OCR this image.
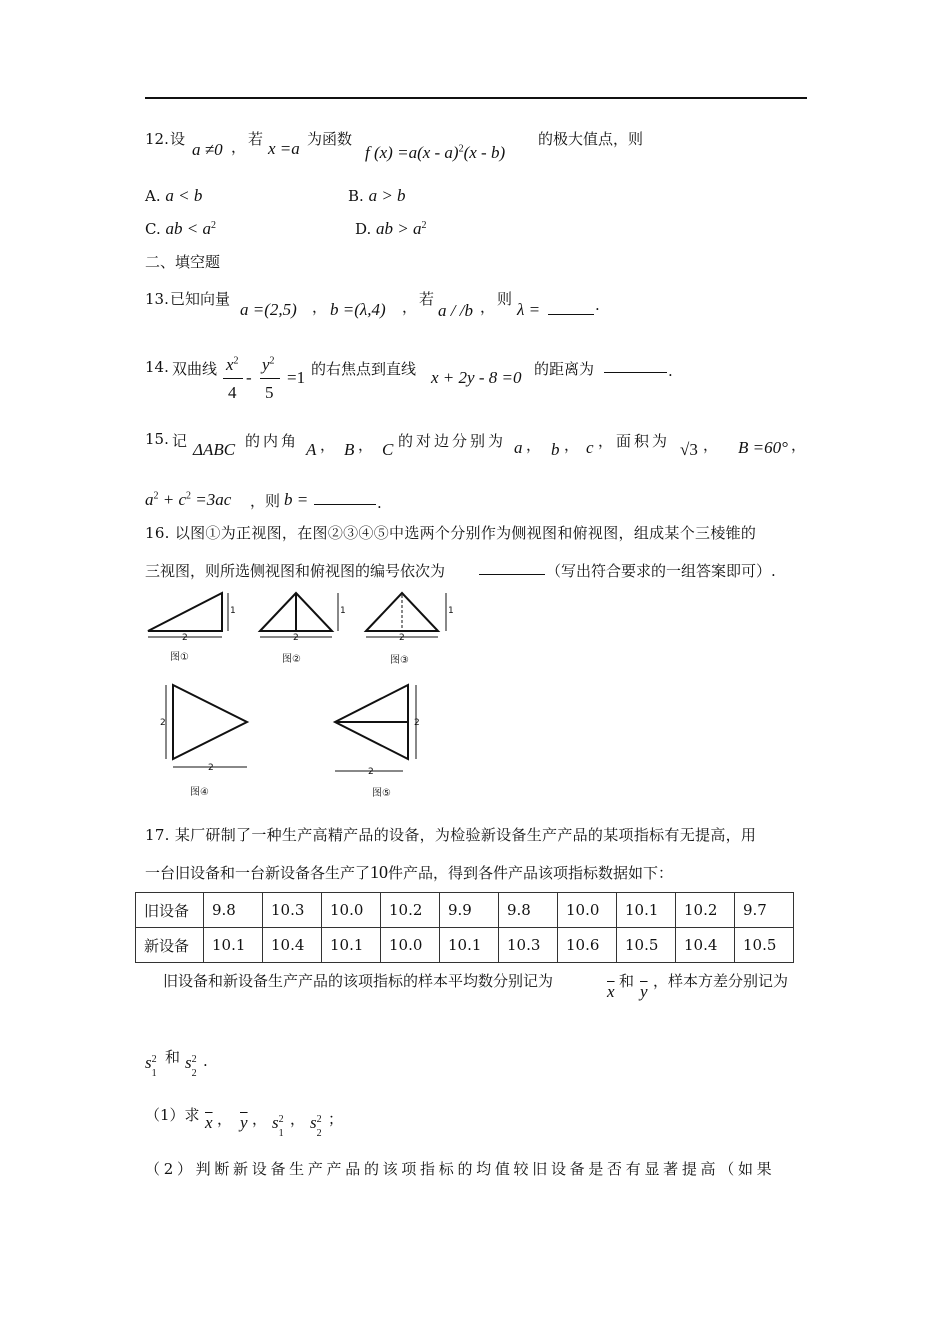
12. 设
a ≠0 ， 若 x =a 为函数
f (x) =a(x - a)$^2$(x - b)
的极大值点，则
A. a < b	B. a > b
C. ab < $a^2$	D. ab > $a^2$
二、填空题
13. 已知向量
a =(2,5) ， b =(λ,4) ， 若
a / /b ， 则
λ =	.
14. 双曲线 $x^2$
4
-
$y^2$
5
=1 的右焦点到直线 x + 2y - 8 =0 的距离为	.
15. 记 ΔABC 的内角 A ， B ， C 的对边分别为 a ， b ， c ，面积为 √3 ， B =60° ，
$a^2 + c^2 =3ac$ ，则 b =	.
16. 以图①为正视图，在图②③④⑤中选两个分别作为侧视图和俯视图，组成某个三棱锥的
三视图，则所选侧视图和俯视图的编号依次为	（写出符合要求的一组答案即可）.
2
1
2
1
2
1
图①	图②	图③
2
2
图④
2
2
图⑤
17. 某厂研制了一种生产高精产品的设备，为检验新设备生产产品的某项指标有无提高，用
一台旧设备和一台新设备各生产了10件产品，得到各件产品该项指标数据如下：
旧设备	9.8	10.3	10.0	10.2	9.9	9.8	10.0	10.1	10.2	9.7
新设备	10.1	10.4	10.1	10.0	10.1	10.3	10.6	10.5	10.4	10.5
旧设备和新设备生产产品的该项指标的样本平均数分别记为
$\overline{x}$
和
$\overline{y}$
，样本方差分别记为
s 2
1
和 s 2
2
.
（1）求 $\overline{x}$ ， $\overline{y}$ ， s 2
1
， s 2
2
；
（2）判断新设备生产产品的该项指标的均值较旧设备是否有显著提高（如果
